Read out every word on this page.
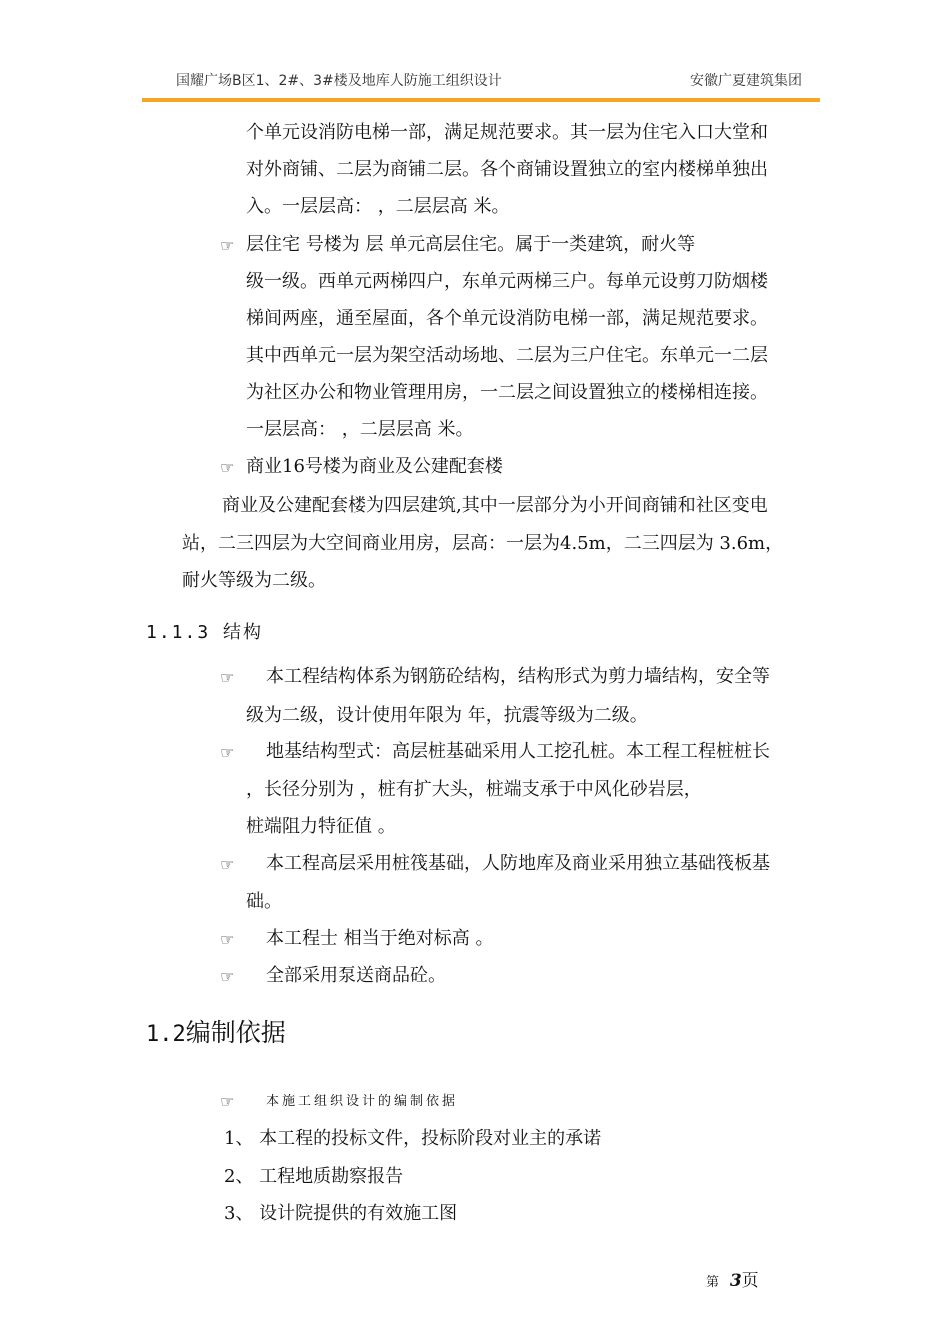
国耀广场B区1、2#、3#楼及地库人防施工组织设计	安徽广夏建筑集团
个单元设消防电梯一部，满足规范要求。其一层为住宅入口大堂和
对外商铺、二层为商铺二层。各个商铺设置独立的室内楼梯单独出
入。一层层高： ，二层层高 米。
☞ 层住宅 号楼为 层 单元高层住宅。属于一类建筑，耐火等
级一级。西单元两梯四户，东单元两梯三户。每单元设剪刀防烟楼
梯间两座，通至屋面，各个单元设消防电梯一部，满足规范要求。
其中西单元一层为架空活动场地、二层为三户住宅。东单元一二层
为社区办公和物业管理用房，一二层之间设置独立的楼梯相连接。
一层层高： ，二层层高 米。
☞ 商业16号楼为商业及公建配套楼
商业及公建配套楼为四层建筑,其中一层部分为小开间商铺和社区变电
站，二三四层为大空间商业用房，层高：一层为4.5m，二三四层为 3.6m，
耐火等级为二级。
1.1.3 结构
☞ 本工程结构体系为钢筋砼结构，结构形式为剪力墙结构，安全等
级为二级，设计使用年限为 年，抗震等级为二级。
☞ 地基结构型式：高层桩基础采用人工挖孔桩。本工程工程桩桩长
，长径分别为 ，桩有扩大头，桩端支承于中风化砂岩层，
桩端阻力特征值 。
☞ 本工程高层采用桩筏基础，人防地库及商业采用独立基础筏板基
础。
☞ 本工程士 相当于绝对标高 。
☞ 全部采用泵送商品砼。
1.2编制依据
☞ 本施工组织设计的编制依据
1、 本工程的投标文件，投标阶段对业主的承诺
2、 工程地质勘察报告
3、 设计院提供的有效施工图
第 3页
